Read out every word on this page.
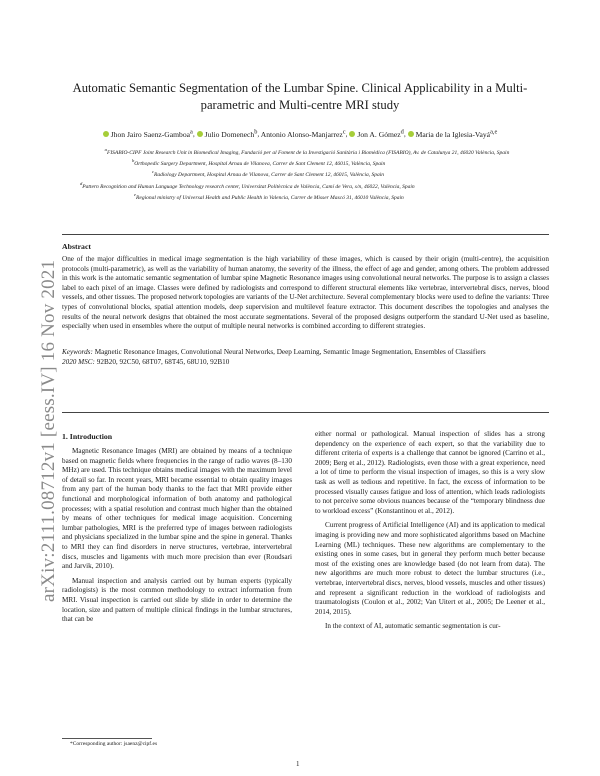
arXiv:2111.08712v1 [eess.IV] 16 Nov 2021
Automatic Semantic Segmentation of the Lumbar Spine. Clinical Applicability in a Multi-parametric and Multi-centre MRI study
Jhon Jairo Saenz-Gamboa$^a$, Julio Domenech$^b$, Antonio Alonso-Manjarrez$^c$, Jon A. Gómez$^d$, Maria de la Iglesia-Vayá$^{a,e}$
$^a$FISABIO-CIPF Joint Research Unit in Biomedical Imaging, Fundació per al Foment de la Investigació Sanitària i Biomèdica (FISABIO), Av. de Catalunya 21, 46020 València, Spain
$^b$Orthopedic Surgery Department, Hospital Arnau de Vilanova, Carrer de Sant Clement 12, 46015, València, Spain
$^c$Radiology Department, Hospital Arnau de Vilanova, Carrer de Sant Clement 12, 46015, València, Spain
$^d$Pattern Recognition and Human Language Technology research center, Universitat Politècnica de València, Camí de Vera, s/n, 46022, València, Spain
$^e$Regional ministry of Universal Health and Public Health in Valencia, Carrer de Misser Mascó 31, 46010 València, Spain
Abstract
One of the major difficulties in medical image segmentation is the high variability of these images, which is caused by their origin (multi-centre), the acquisition protocols (multi-parametric), as well as the variability of human anatomy, the severity of the illness, the effect of age and gender, among others. The problem addressed in this work is the automatic semantic segmentation of lumbar spine Magnetic Resonance images using convolutional neural networks. The purpose is to assign a classes label to each pixel of an image. Classes were defined by radiologists and correspond to different structural elements like vertebrae, intervertebral discs, nerves, blood vessels, and other tissues. The proposed network topologies are variants of the U-Net architecture. Several complementary blocks were used to define the variants: Three types of convolutional blocks, spatial attention models, deep supervision and multilevel feature extractor. This document describes the topologies and analyses the results of the neural network designs that obtained the most accurate segmentations. Several of the proposed designs outperform the standard U-Net used as baseline, especially when used in ensembles where the output of multiple neural networks is combined according to different strategies.
Keywords: Magnetic Resonance Images, Convolutional Neural Networks, Deep Learning, Semantic Image Segmentation, Ensembles of Classifiers
2020 MSC: 92B20, 92C50, 68T07, 68T45, 68U10, 92B10
1. Introduction

Magnetic Resonance Images (MRI) are obtained by means of a technique based on magnetic fields where frequencies in the range of radio waves (8–130 MHz) are used. This technique obtains medical images with the maximum level of detail so far. In recent years, MRI became essential to obtain quality images from any part of the human body thanks to the fact that MRI provide either functional and morphological information of both anatomy and pathological processes; with a spatial resolution and contrast much higher than the obtained by means of other techniques for medical image acquisition. Concerning lumbar pathologies, MRI is the preferred type of images between radiologists and physicians specialized in the lumbar spine and the spine in general. Thanks to MRI they can find disorders in nerve structures, vertebrae, intervertebral discs, muscles and ligaments with much more precision than ever (Roudsari and Jarvik, 2010).

Manual inspection and analysis carried out by human experts (typically radiologists) is the most common methodology to extract information from MRI. Visual inspection is carried out slide by slide in order to determine the location, size and pattern of multiple clinical findings in the lumbar structures, that can be

either normal or pathological. Manual inspection of slides has a strong dependency on the experience of each expert, so that the variability due to different criteria of experts is a challenge that cannot be ignored (Carrino et al., 2009; Berg et al., 2012). Radiologists, even those with a great experience, need a lot of time to perform the visual inspection of images, so this is a very slow task as well as tedious and repetitive. In fact, the excess of information to be processed visually causes fatigue and loss of attention, which leads radiologists to not perceive some obvious nuances because of the “temporary blindness due to workload excess” (Konstantinou et al., 2012).

Current progress of Artificial Intelligence (AI) and its application to medical imaging is providing new and more sophisticated algorithms based on Machine Learning (ML) techniques. These new algorithms are complementary to the existing ones in some cases, but in general they perform much better because most of the existing ones are knowledge based (do not learn from data). The new algorithms are much more robust to detect the lumbar structures (i.e., vertebrae, intervertebral discs, nerves, blood vessels, muscles and other tissues) and represent a significant reduction in the workload of radiologists and traumatologists (Coulon et al., 2002; Van Uitert et al., 2005; De Leener et al., 2014, 2015).

In the context of AI, automatic semantic segmentation is cur-

*Corresponding author: jsaenz@cipf.es
1
